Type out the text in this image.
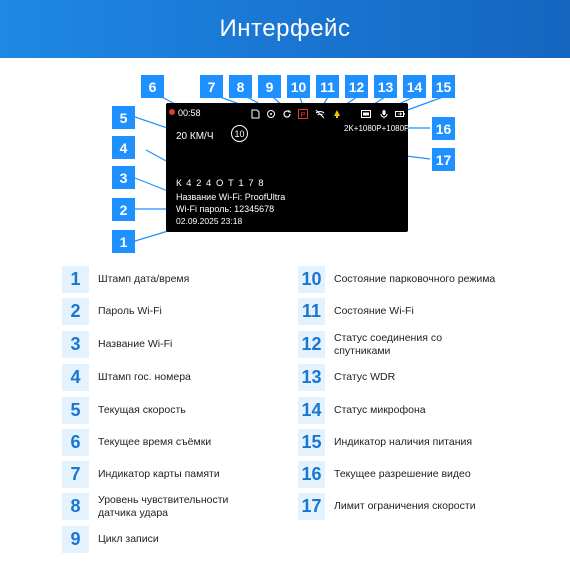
Интерфейс
00:58	P
20 КМ/Ч 10	2K+1080P+1080P
К 4 2 4 О Т 1 7 8
Название Wi-Fi: ProofUltra
Wi-Fi пароль: 12345678
02.09.2025 23:18
6
5
4
3
2
1
7	8	9	10 11 12 13 14 15
16
17
1	Штамп дата/время
2	Пароль Wi-Fi
3	Название Wi-Fi
4	Штамп гос. номера
5	Текущая скорость
6	Текущее время съёмки
7	Индикатор карты памяти
8	Уровень чувствительности датчика удара
9	Цикл записи
10	Состояние парковочного режима
11	Состояние Wi-Fi
12	Статус соединения со спутниками
13	Статус WDR
14	Статус микрофона
15	Индикатор наличия питания
16	Текущее разрешение видео
17	Лимит ограничения скорости
